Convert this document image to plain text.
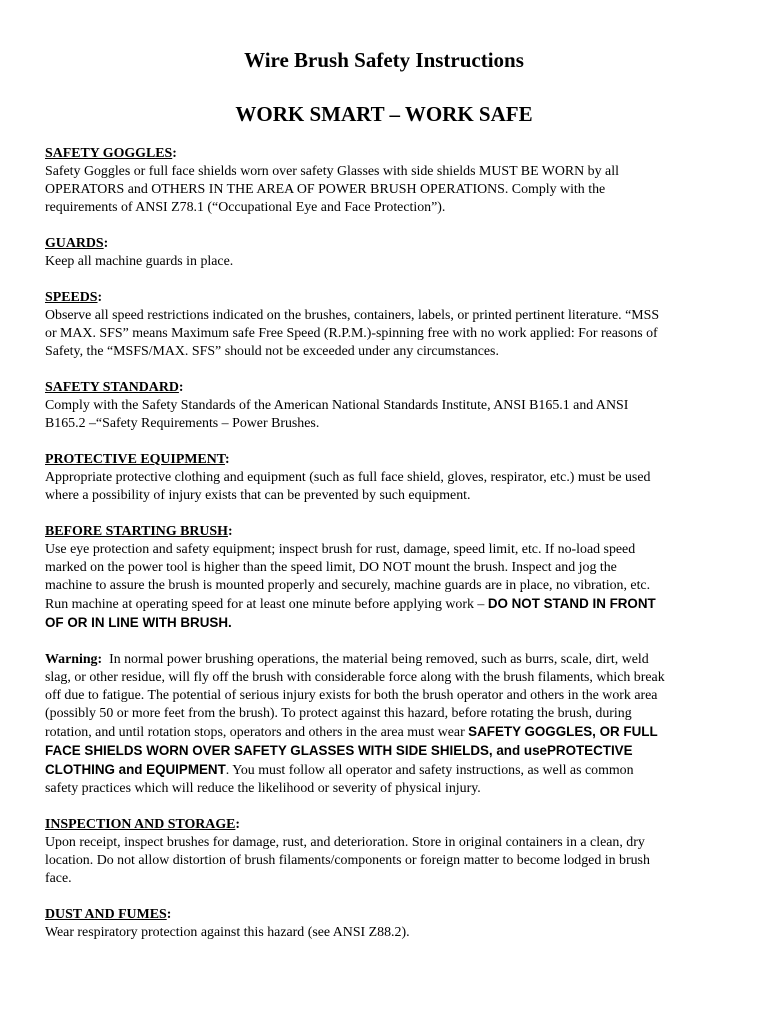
Wire Brush Safety Instructions
WORK SMART – WORK SAFE
SAFETY GOGGLES:
Safety Goggles or full face shields worn over safety Glasses with side shields MUST BE WORN by all
OPERATORS and OTHERS IN THE AREA OF POWER BRUSH OPERATIONS. Comply with the
requirements of ANSI Z78.1 (“Occupational Eye and Face Protection”).
GUARDS:
Keep all machine guards in place.
SPEEDS:
Observe all speed restrictions indicated on the brushes, containers, labels, or printed pertinent literature. “MSS
or MAX. SFS” means Maximum safe Free Speed (R.P.M.)-spinning free with no work applied: For reasons of
Safety, the “MSFS/MAX. SFS” should not be exceeded under any circumstances.
SAFETY STANDARD:
Comply with the Safety Standards of the American National Standards Institute, ANSI B165.1 and ANSI
B165.2 –“Safety Requirements – Power Brushes.
PROTECTIVE EQUIPMENT:
Appropriate protective clothing and equipment (such as full face shield, gloves, respirator, etc.) must be used
where a possibility of injury exists that can be prevented by such equipment.
BEFORE STARTING BRUSH:
Use eye protection and safety equipment; inspect brush for rust, damage, speed limit, etc. If no-load speed
marked on the power tool is higher than the speed limit, DO NOT mount the brush. Inspect and jog the
machine to assure the brush is mounted properly and securely, machine guards are in place, no vibration, etc.
Run machine at operating speed for at least one minute before applying work – DO NOT STAND IN FRONT
OF OR IN LINE WITH BRUSH.
Warning:  In normal power brushing operations, the material being removed, such as burrs, scale, dirt, weld
slag, or other residue, will fly off the brush with considerable force along with the brush filaments, which break
off due to fatigue. The potential of serious injury exists for both the brush operator and others in the work area
(possibly 50 or more feet from the brush). To protect against this hazard, before rotating the brush, during
rotation, and until rotation stops, operators and others in the area must wear SAFETY GOGGLES, OR FULL
FACE SHIELDS WORN OVER SAFETY GLASSES WITH SIDE SHIELDS, and usePROTECTIVE
CLOTHING and EQUIPMENT. You must follow all operator and safety instructions, as well as common
safety practices which will reduce the likelihood or severity of physical injury.
INSPECTION AND STORAGE:
Upon receipt, inspect brushes for damage, rust, and deterioration. Store in original containers in a clean, dry
location. Do not allow distortion of brush filaments/components or foreign matter to become lodged in brush
face.
DUST AND FUMES:
Wear respiratory protection against this hazard (see ANSI Z88.2).
